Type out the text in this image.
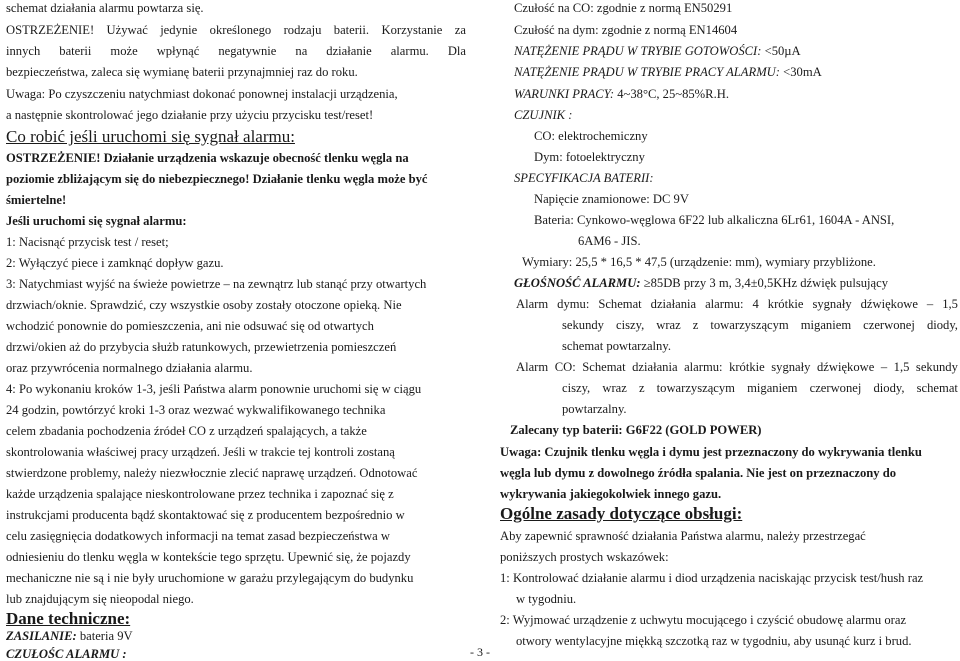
schemat działania alarmu powtarza się.
OSTRZEŻENIE! Używać jedynie określonego rodzaju baterii. Korzystanie za
innych baterii może wpłynąć negatywnie na działanie alarmu. Dla
bezpieczeństwa, zaleca się wymianę baterii przynajmniej raz do roku.
Uwaga: Po czyszczeniu natychmiast dokonać ponownej instalacji urządzenia,
a następnie skontrolować jego działanie przy użyciu przycisku test/reset!
Co robić jeśli uruchomi się sygnał alarmu:
OSTRZEŻENIE! Działanie urządzenia wskazuje obecność tlenku węgla na
poziomie zbliżającym się do niebezpiecznego! Działanie tlenku węgla może być
śmiertelne!
Jeśli uruchomi się sygnał alarmu:
1: Nacisnąć przycisk test / reset;
2: Wyłączyć piece i zamknąć dopływ gazu.
3: Natychmiast wyjść na świeże powietrze – na zewnątrz lub stanąć przy otwartych
drzwiach/oknie. Sprawdzić, czy wszystkie osoby zostały otoczone opieką. Nie
wchodzić ponownie do pomieszczenia, ani nie odsuwać się od otwartych
drzwi/okien aż do przybycia służb ratunkowych, przewietrzenia pomieszczeń
oraz przywrócenia normalnego działania alarmu.
4: Po wykonaniu kroków 1-3, jeśli Państwa alarm ponownie uruchomi się w ciągu
24 godzin, powtórzyć kroki 1-3 oraz wezwać wykwalifikowanego technika
celem zbadania pochodzenia źródeł CO z urządzeń spalających, a także
skontrolowania właściwej pracy urządzeń. Jeśli w trakcie tej kontroli zostaną
stwierdzone problemy, należy niezwłocznie zlecić naprawę urządzeń. Odnotować
każde urządzenia spalające nieskontrolowane przez technika i zapoznać się z
instrukcjami producenta bądź skontaktować się z producentem bezpośrednio w
celu zasięgnięcia dodatkowych informacji na temat zasad bezpieczeństwa w
odniesieniu do tlenku węgla w kontekście tego sprzętu. Upewnić się, że pojazdy
mechaniczne nie są i nie były uruchomione w garażu przylegającym do budynku
lub znajdującym się nieopodal niego.
Dane techniczne:
ZASILANIE: bateria 9V
CZUŁOŚC ALARMU :	- 3 -
Czułość na CO: zgodnie z normą EN50291
Czułość na dym: zgodnie z normą EN14604
NATĘŻENIE PRĄDU W TRYBIE GOTOWOŚCI: <50µA
NATĘŻENIE PRĄDU W TRYBIE PRACY ALARMU: <30mA
WARUNKI PRACY: 4~38°C, 25~85%R.H.
CZUJNIK :
CO: elektrochemiczny
Dym: fotoelektryczny
SPECYFIKACJA BATERII:
Napięcie znamionowe: DC 9V
Bateria: Cynkowo-węglowa 6F22 lub alkaliczna 6Lr61, 1604A - ANSI,
6AM6 - JIS.
Wymiary: 25,5 * 16,5 * 47,5 (urządzenie: mm), wymiary przybliżone.
GŁOŚNOŚĆ ALARMU: ≥85DB przy 3 m, 3,4±0,5KHz dźwięk pulsujący
Alarm dymu: Schemat działania alarmu: 4 krótkie sygnały dźwiękowe – 1,5
sekundy ciszy, wraz z towarzyszącym miganiem czerwonej diody,
schemat powtarzalny.
Alarm CO: Schemat działania alarmu: krótkie sygnały dźwiękowe – 1,5 sekundy
ciszy, wraz z towarzyszącym miganiem czerwonej diody, schemat
powtarzalny.
Zalecany typ baterii: G6F22 (GOLD POWER)
Uwaga: Czujnik tlenku węgla i dymu jest przeznaczony do wykrywania tlenku
węgla lub dymu z dowolnego źródła spalania. Nie jest on przeznaczony do
wykrywania jakiegokolwiek innego gazu.
Ogólne zasady dotyczące obsługi:
Aby zapewnić sprawność działania Państwa alarmu, należy przestrzegać
poniższych prostych wskazówek:
1: Kontrolować działanie alarmu i diod urządzenia naciskając przycisk test/hush raz
w tygodniu.
2: Wyjmować urządzenie z uchwytu mocującego i czyścić obudowę alarmu oraz
otwory wentylacyjne miękką szczotką raz w tygodniu, aby usunąć kurz i brud.
